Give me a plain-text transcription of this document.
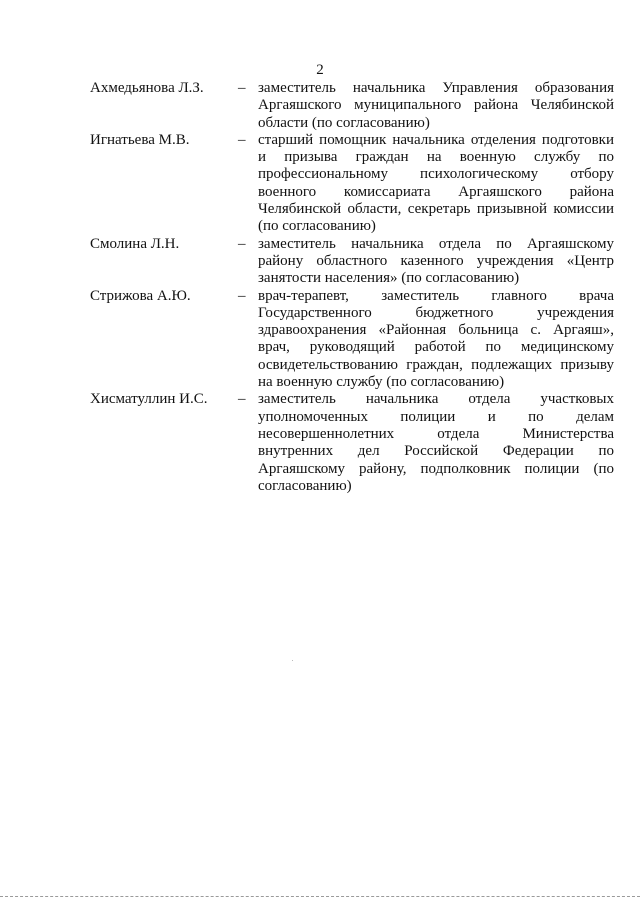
2
Ахмедьянова Л.З.	– заместитель начальника Управления образования Аргаяшского муниципального района Челябинской области (по согласованию)
Игнатьева М.В.	– старший помощник начальника отделения подготовки и призыва граждан на военную службу по профессиональному психологическому отбору военного комиссариата Аргаяшского района Челябинской области, секретарь призывной комиссии (по согласованию)
Смолина Л.Н.	– заместитель начальника отдела по Аргаяшскому району областного казенного учреждения «Центр занятости населения» (по согласованию)
Стрижова А.Ю.	– врач-терапевт, заместитель главного врача Государственного бюджетного учреждения здравоохранения «Районная больница с. Аргаяш», врач, руководящий работой по медицинскому освидетельствованию граждан, подлежащих призыву на военную службу (по согласованию)
Хисматуллин И.С.	– заместитель начальника отдела участковых уполномоченных полиции и по делам несовершеннолетних отдела Министерства внутренних дел Российской Федерации по Аргаяшскому району, подполковник полиции (по согласованию)
